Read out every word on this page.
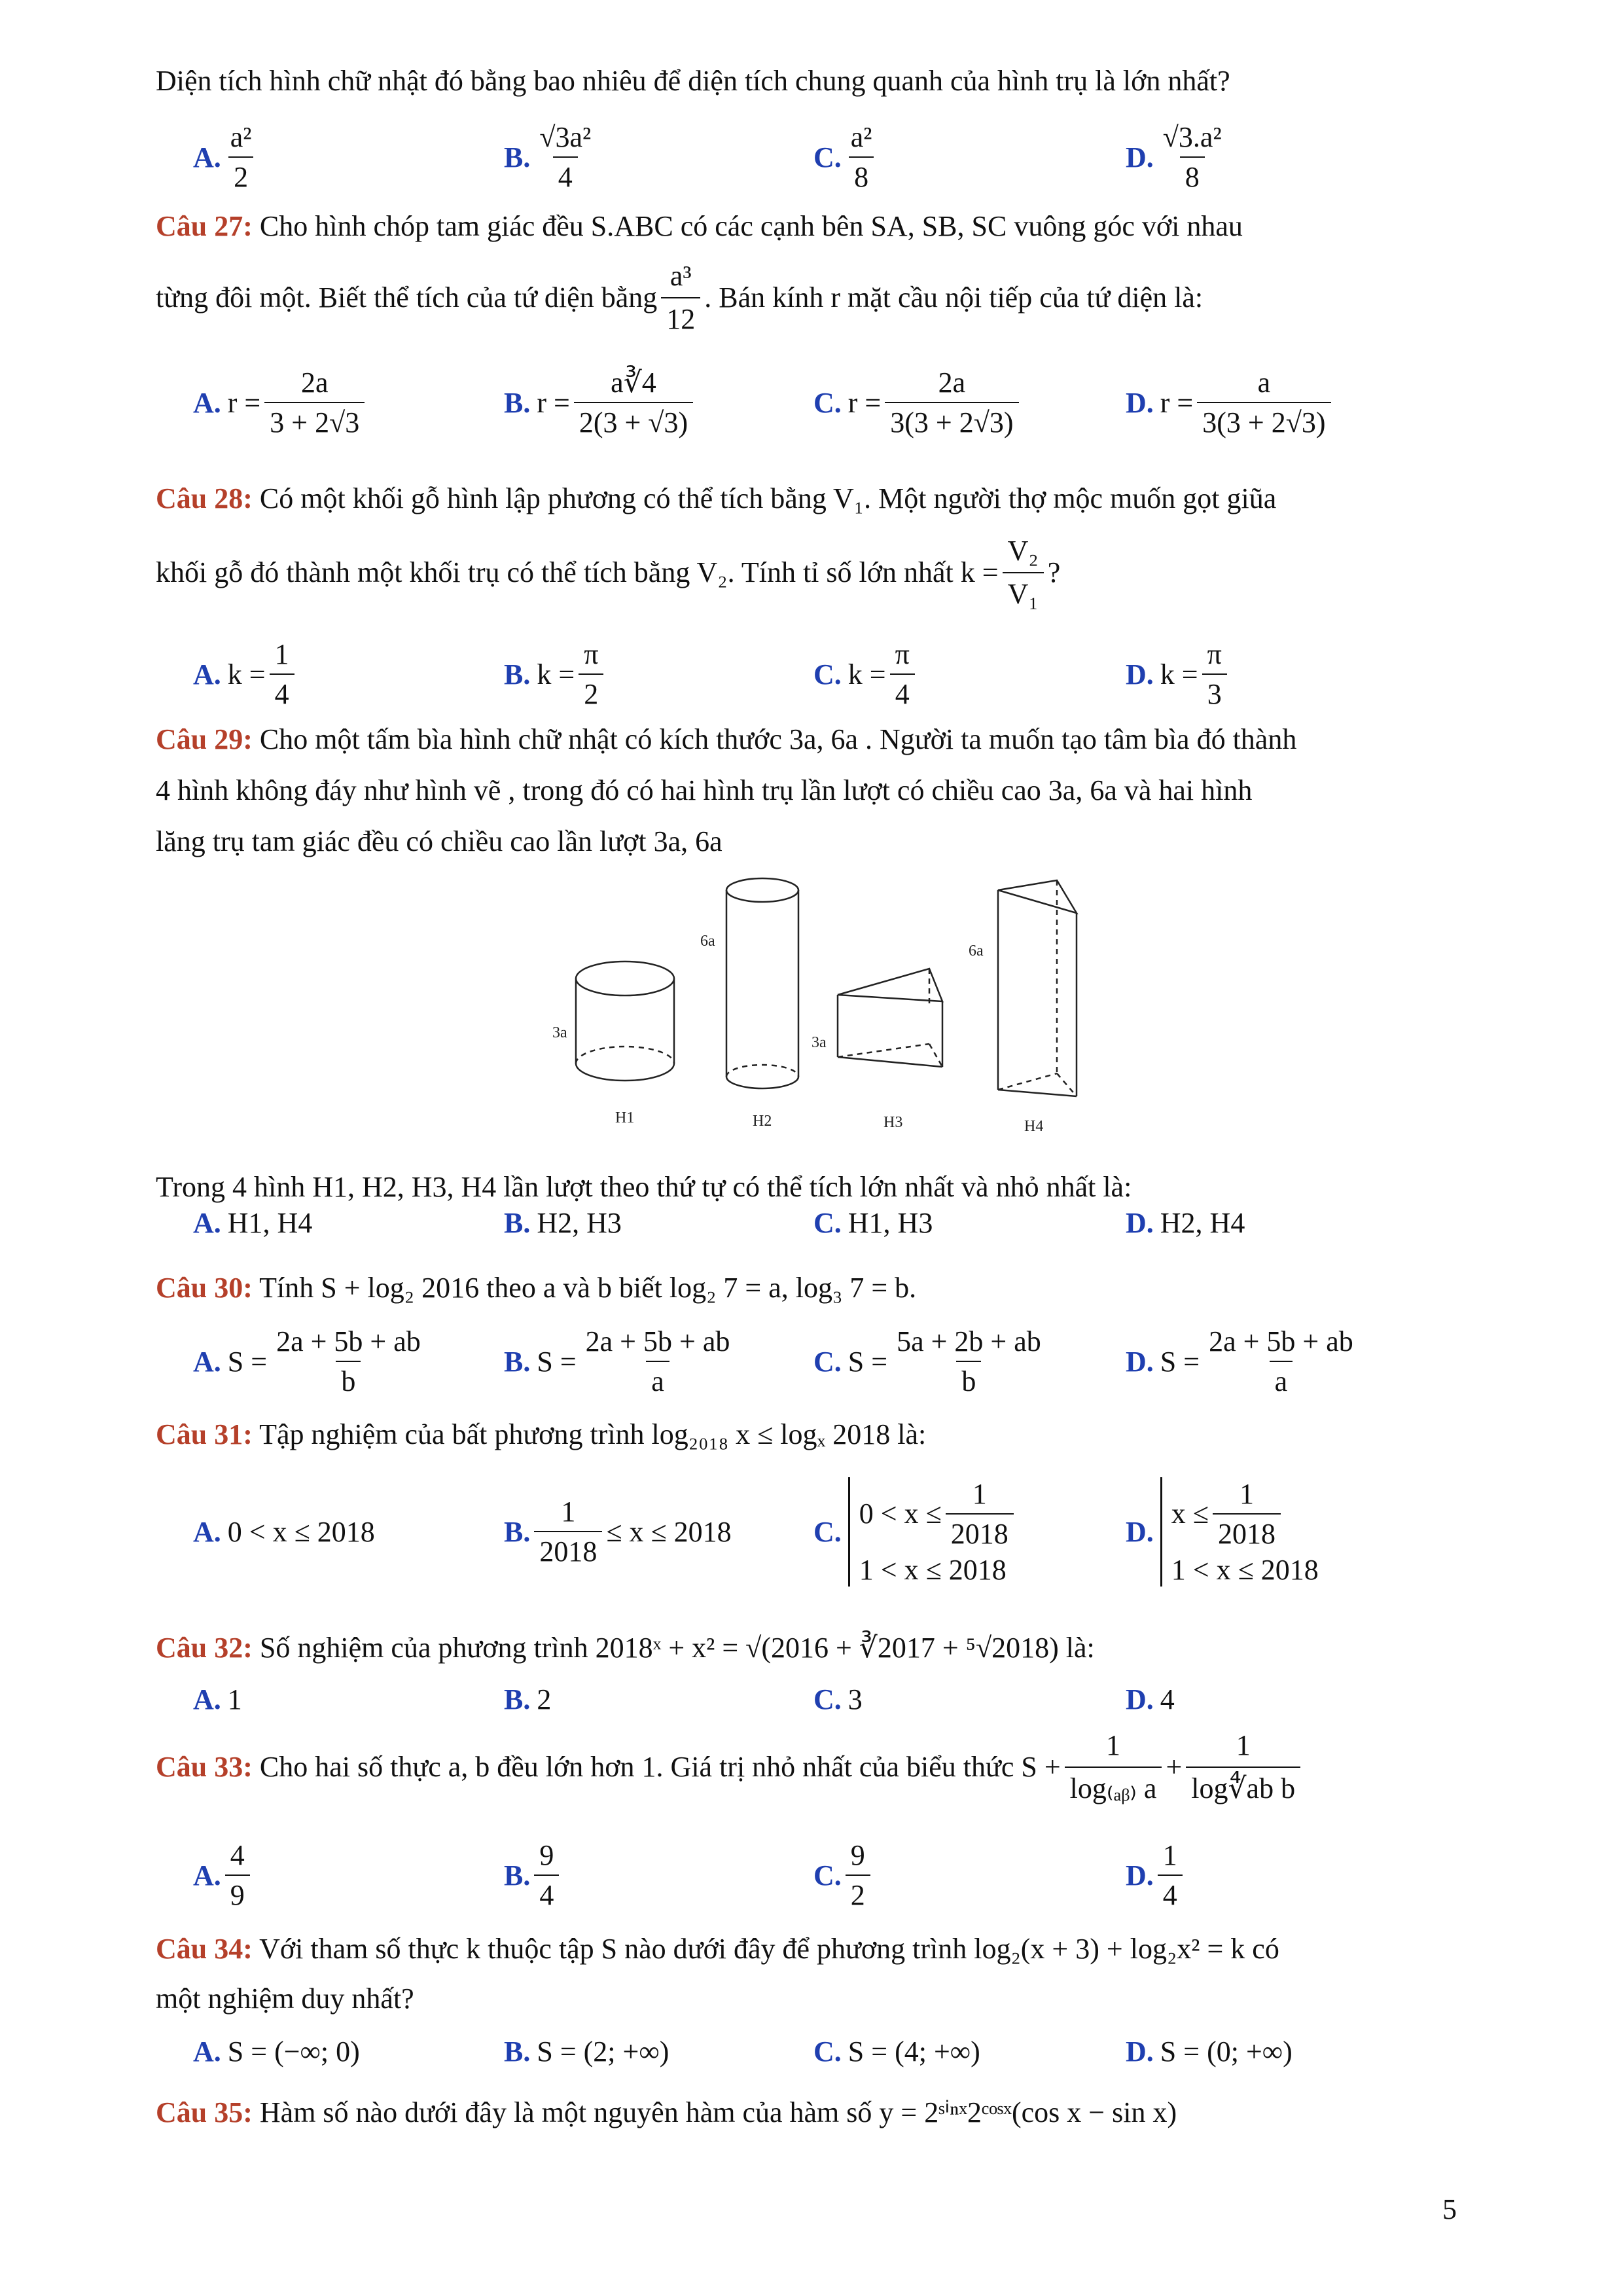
Diện tích hình chữ nhật đó bằng bao nhiêu để diện tích chung quanh của hình trụ là lớn nhất?
A. $\frac{\text{a²}}{2}$	B. $\frac{\text{√3a²}}{4}$	C. $\frac{\text{a²}}{8}$	D. $\frac{\text{√3.a²}}{8}$
Câu 27: Cho hình chóp tam giác đều S.ABC có các cạnh bên SA, SB, SC vuông góc với nhau
từng đôi một. Biết thể tích của tứ diện bằng $\frac{\text{a³}}{12}$ . Bán kính r mặt cầu nội tiếp của tứ diện là:
A. $r = \frac{2a}{3 + 2√3}$	B. $r = \frac{a∛4}{2(3 + √3)}$	C. $r = \frac{2a}{3(3 + 2√3)}$	D. $r = \frac{a}{3(3 + 2√3)}$
Câu 28: Có một khối gỗ hình lập phương có thể tích bằng V₁. Một người thợ mộc muốn gọt giũa
khối gỗ đó thành một khối trụ có thể tích bằng V₂. Tính tỉ số lớn nhất $k = \frac{\text{V₂}}{\text{V₁}}$ ?
A. $k = \frac{1}{4}$	B. $k = \frac{\pi}{2}$	C. $k = \frac{\pi}{4}$	D. $k = \frac{\pi}{3}$
Câu 29: Cho một tấm bìa hình chữ nhật có kích thước 3a, 6a . Người ta muốn tạo tâm bìa đó thành
4 hình không đáy như hình vẽ , trong đó có hai hình trụ lần lượt có chiều cao 3a, 6a và hai hình
lăng trụ tam giác đều có chiều cao lần lượt 3a, 6a
3a
6a
3a
6a
H1	H2	H3	H4
Trong 4 hình H1, H2, H3, H4 lần lượt theo thứ tự có thể tích lớn nhất và nhỏ nhất là:
A. H1, H4	B. H2, H3	C. H1, H3	D. H2, H4
Câu 30: Tính S + log₂ 2016 theo a và b biết log₂ 7 = a, log₃ 7 = b.
A. $S = \frac{2a + 5b + ab}{b}$	B. $S = \frac{2a + 5b + ab}{a}$	C. $S = \frac{5a + 2b + ab}{b}$	D. $S = \frac{2a + 5b + ab}{a}$
Câu 31: Tập nghiệm của bất phương trình log₂₀₁₈ x ≤ logₓ 2018 là:
A. 0 < x ≤ 2018	B. $\frac{1}{2018} \le x \le 2018$	C.
$0 < x \le \frac{1}{2018}$
1 < x ≤ 2018
D.
$x \le \frac{1}{2018}$
1 < x ≤ 2018
Câu 32: Số nghiệm của phương trình 2018ˣ + x² = √(2016 + ∛2017 + ⁵√2018) là:
A. 1	B. 2	C. 3	D. 4
Câu 33:
Cho hai số thực a, b đều lớn hơn 1. Giá trị nhỏ nhất của biểu thức $S + \frac{1}{\text{log₍ₐᵦ₎ a}} + \frac{1}{\text{log∜ab b}}$
A. $\frac{4}{9}$	B. $\frac{9}{4}$	C. $\frac{9}{2}$	D. $\frac{1}{4}$
Câu 34: Với tham số thực k thuộc tập S nào dưới đây để phương trình log₂(x + 3) + log₂x² = k có
một nghiệm duy nhất?
A. S = (−∞; 0)	B. S = (2; +∞)	C. S = (4; +∞)	D. S = (0; +∞)
Câu 35: Hàm số nào dưới đây là một nguyên hàm của hàm số y = 2ˢⁱⁿˣ2ᶜᵒˢˣ(cos x − sin x)
5
